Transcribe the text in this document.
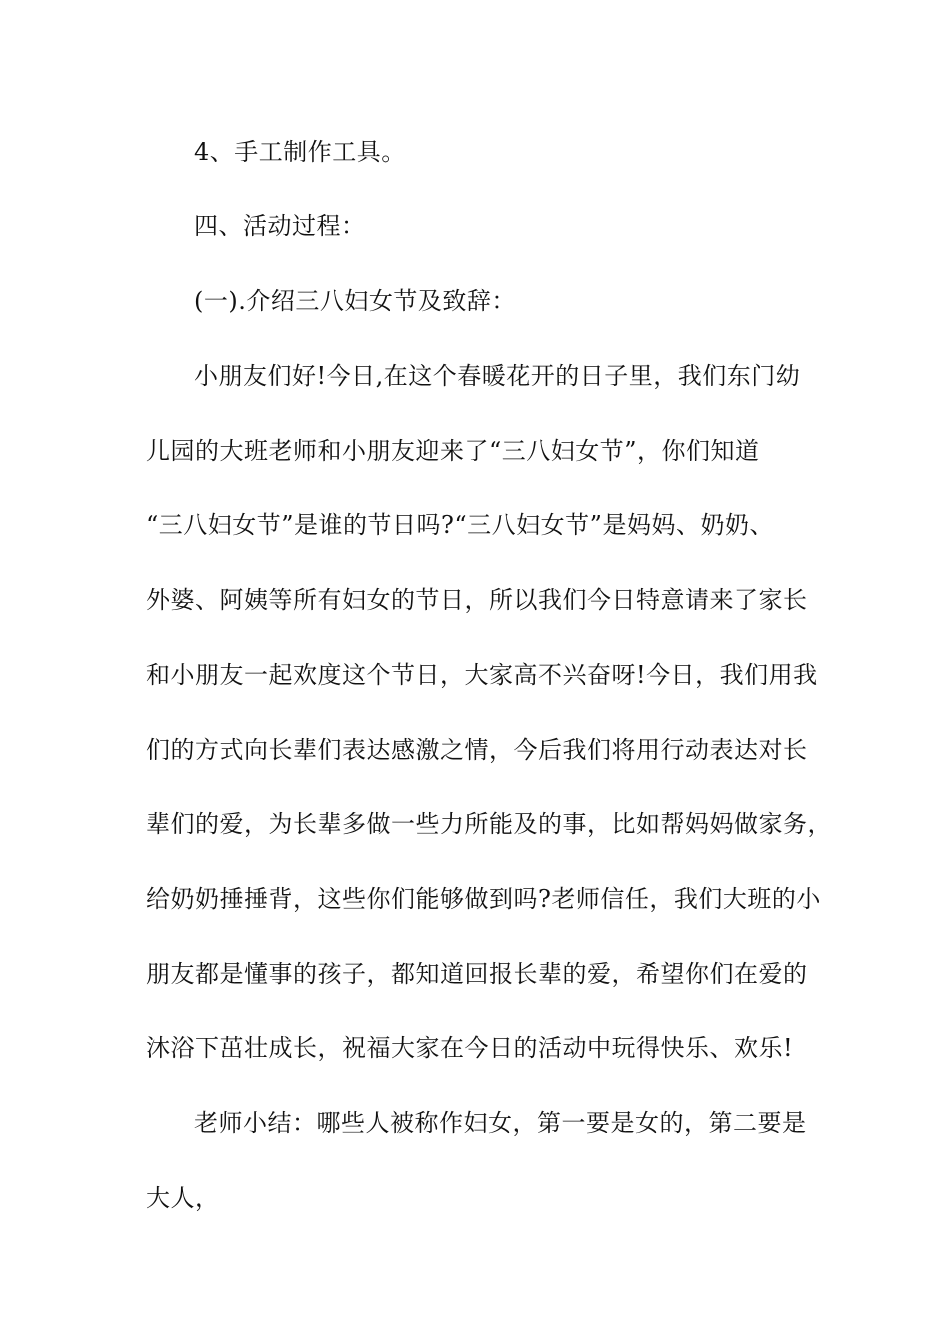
4、手工制作工具。
四、活动过程：
(一).介绍三八妇女节及致辞：
小朋友们好!今日,在这个春暖花开的日子里，我们东门幼
儿园的大班老师和小朋友迎来了“三八妇女节”，你们知道
“三八妇女节”是谁的节日吗?“三八妇女节”是妈妈、奶奶、
外婆、阿姨等所有妇女的节日，所以我们今日特意请来了家长
和小朋友一起欢度这个节日，大家高不兴奋呀!今日，我们用我
们的方式向长辈们表达感激之情，今后我们将用行动表达对长
辈们的爱，为长辈多做一些力所能及的事，比如帮妈妈做家务，
给奶奶捶捶背，这些你们能够做到吗?老师信任，我们大班的小
朋友都是懂事的孩子，都知道回报长辈的爱，希望你们在爱的
沐浴下茁壮成长，祝福大家在今日的活动中玩得快乐、欢乐!
老师小结：哪些人被称作妇女，第一要是女的，第二要是
大人，
